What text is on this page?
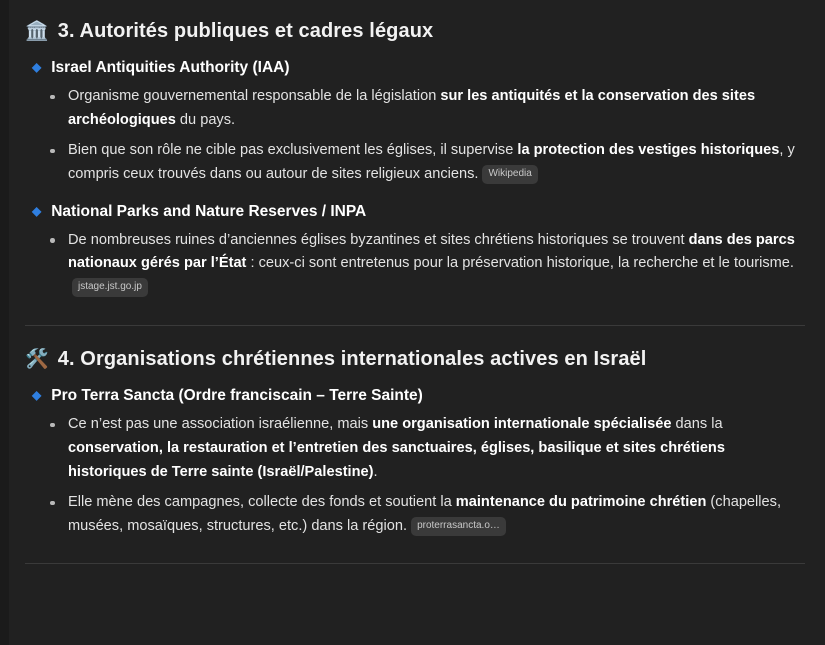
🏛️ 3. Autorités publiques et cadres légaux
◆ Israel Antiquities Authority (IAA)
Organisme gouvernemental responsable de la législation sur les antiquités et la conservation des sites archéologiques du pays.
Bien que son rôle ne cible pas exclusivement les églises, il supervise la protection des vestiges historiques, y compris ceux trouvés dans ou autour de sites religieux anciens. Wikipedia
◆ National Parks and Nature Reserves / INPA
De nombreuses ruines d’anciennes églises byzantines et sites chrétiens historiques se trouvent dans des parcs nationaux gérés par l’État : ceux-ci sont entretenus pour la préservation historique, la recherche et le tourisme.jstage.jst.go.jp
🛠️ 4. Organisations chrétiennes internationales actives en Israël
◆ Pro Terra Sancta (Ordre franciscain – Terre Sainte)
Ce n’est pas une association israélienne, mais une organisation internationale spécialisée dans la conservation, la restauration et l’entretien des sanctuaires, églises, basilique et sites chrétiens historiques de Terre sainte (Israël/Palestine).
Elle mène des campagnes, collecte des fonds et soutient la maintenance du patrimoine chrétien (chapelles, musées, mosaïques, structures, etc.) dans la région. proterrasancta.o…
